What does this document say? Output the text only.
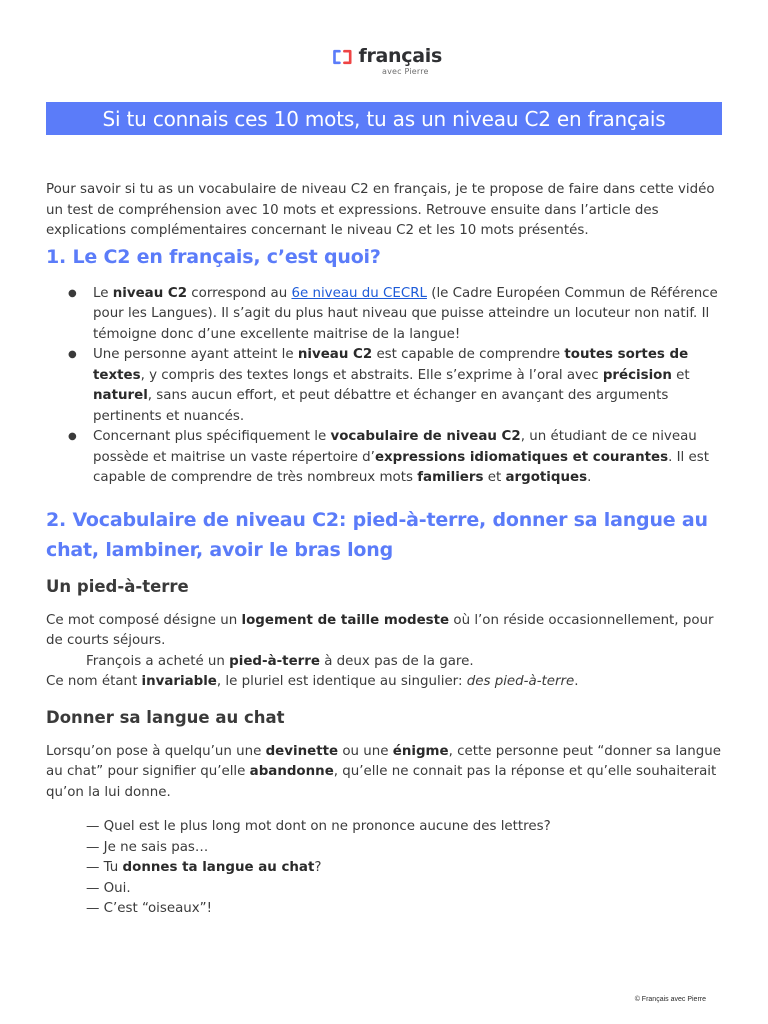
français
avec Pierre
Si tu connais ces 10 mots, tu as un niveau C2 en français

Pour savoir si tu as un vocabulaire de niveau C2 en français, je te propose de faire dans cette vidéo un test de compréhension avec 10 mots et expressions. Retrouve ensuite dans l’article des explications complémentaires concernant le niveau C2 et les 10 mots présentés.

1. Le C2 en français, c’est quoi?
● Le niveau C2 correspond au 6e niveau du CECRL (le Cadre Européen Commun de Référence pour les Langues). Il s’agit du plus haut niveau que puisse atteindre un locuteur non natif. Il témoigne donc d’une excellente maitrise de la langue!
● Une personne ayant atteint le niveau C2 est capable de comprendre toutes sortes de textes, y compris des textes longs et abstraits. Elle s’exprime à l’oral avec précision et naturel, sans aucun effort, et peut débattre et échanger en avançant des arguments pertinents et nuancés.
● Concernant plus spécifiquement le vocabulaire de niveau C2, un étudiant de ce niveau possède et maitrise un vaste répertoire d’expressions idiomatiques et courantes. Il est capable de comprendre de très nombreux mots familiers et argotiques.
2. Vocabulaire de niveau C2: pied-à-terre, donner sa langue au chat, lambiner, avoir le bras long
Un pied-à-terre

Ce mot composé désigne un logement de taille modeste où l’on réside occasionnellement, pour de courts séjours.

François a acheté un pied-à-terre à deux pas de la gare.

Ce nom étant invariable, le pluriel est identique au singulier: des pied-à-terre.

Donner sa langue au chat

Lorsqu’on pose à quelqu’un une devinette ou une énigme, cette personne peut “donner sa langue au chat” pour signifier qu’elle abandonne, qu’elle ne connait pas la réponse et qu’elle souhaiterait qu’on la lui donne.

— Quel est le plus long mot dont on ne prononce aucune des lettres?
— Je ne sais pas…
— Tu donnes ta langue au chat?
— Oui.
— C’est “oiseaux”!
© Français avec Pierre
